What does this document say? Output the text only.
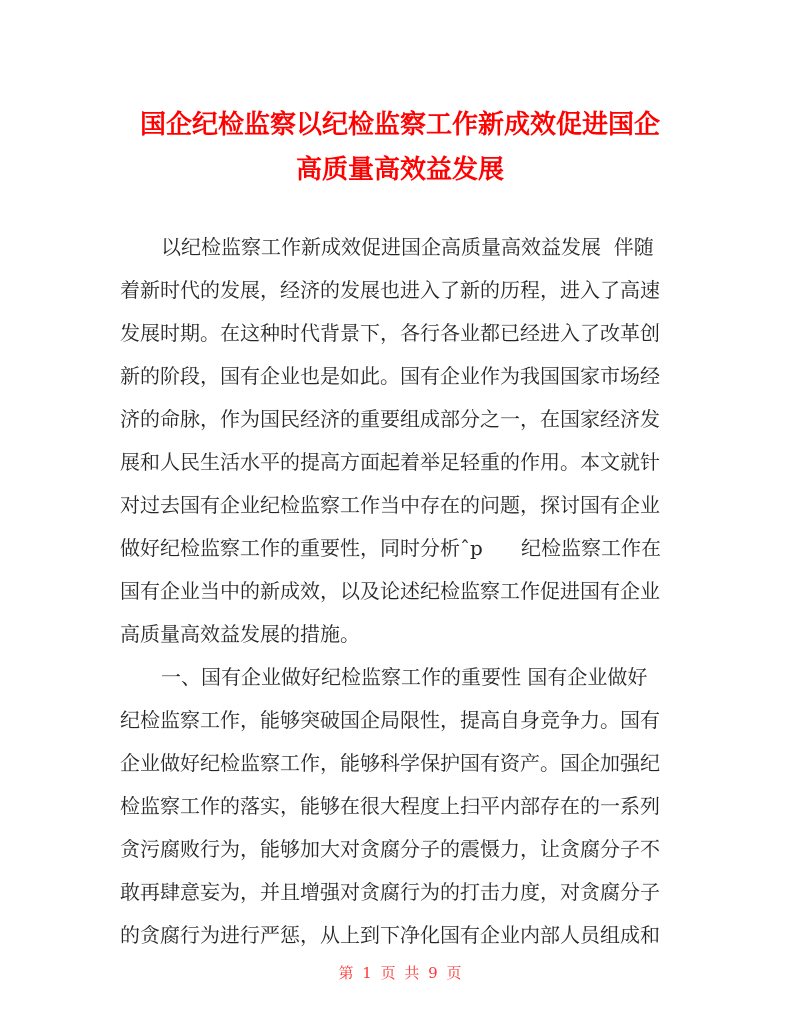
国企纪检监察以纪检监察工作新成效促进国企
高质量高效益发展
以纪检监察工作新成效促进国企高质量高效益发展  伴随
着新时代的发展，经济的发展也进入了新的历程，进入了高速
发展时期。在这种时代背景下，各行各业都已经进入了改革创
新的阶段，国有企业也是如此。国有企业作为我国国家市场经
济的命脉，作为国民经济的重要组成部分之一，在国家经济发
展和人民生活水平的提高方面起着举足轻重的作用。本文就针
对过去国有企业纪检监察工作当中存在的问题，探讨国有企业
做好纪检监察工作的重要性，同时分析ˆp      纪检监察工作在
国有企业当中的新成效，以及论述纪检监察工作促进国有企业
高质量高效益发展的措施。
一、国有企业做好纪检监察工作的重要性 国有企业做好
纪检监察工作，能够突破国企局限性，提高自身竞争力。国有
企业做好纪检监察工作，能够科学保护国有资产。国企加强纪
检监察工作的落实，能够在很大程度上扫平内部存在的一系列
贪污腐败行为，能够加大对贪腐分子的震慑力，让贪腐分子不
敢再肆意妄为，并且增强对贪腐行为的打击力度，对贪腐分子
的贪腐行为进行严惩，从上到下净化国有企业内部人员组成和
第 1 页 共 9 页
